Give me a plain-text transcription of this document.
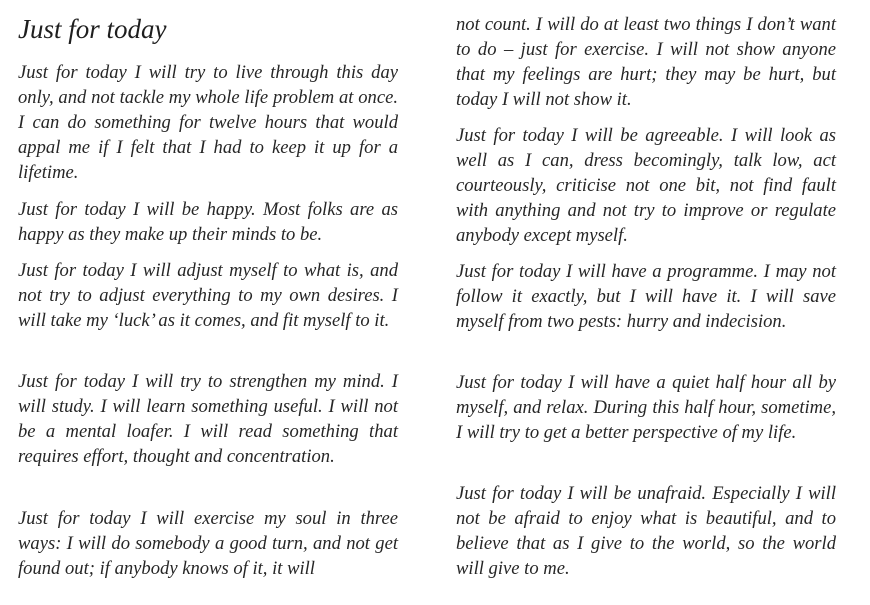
Just for today

Just for today I will try to live through this day only, and not tackle my whole life problem at once. I can do something for twelve hours that would appal me if I felt that I had to keep it up for a lifetime.

Just for today I will be happy. Most folks are as happy as they make up their minds to be.

Just for today I will adjust myself to what is, and not try to adjust everything to my own desires. I will take my ‘luck’ as it comes, and fit myself to it.

Just for today I will try to strengthen my mind. I will study. I will learn something useful. I will not be a mental loafer. I will read something that requires effort, thought and concentration.

Just for today I will exercise my soul in three ways: I will do somebody a good turn, and not get found out; if anybody knows of it, it will

not count. I will do at least two things I don’t want to do – just for exercise. I will not show anyone that my feelings are hurt; they may be hurt, but today I will not show it.

Just for today I will be agreeable. I will look as well as I can, dress becomingly, talk low, act courteously, criticise not one bit, not find fault with anything and not try to improve or regulate anybody except myself.

Just for today I will have a programme. I may not follow it exactly, but I will have it. I will save myself from two pests: hurry and indecision.

Just for today I will have a quiet half hour all by myself, and relax. During this half hour, sometime, I will try to get a better perspective of my life.

Just for today I will be unafraid. Especially I will not be afraid to enjoy what is beautiful, and to believe that as I give to the world, so the world will give to me.
